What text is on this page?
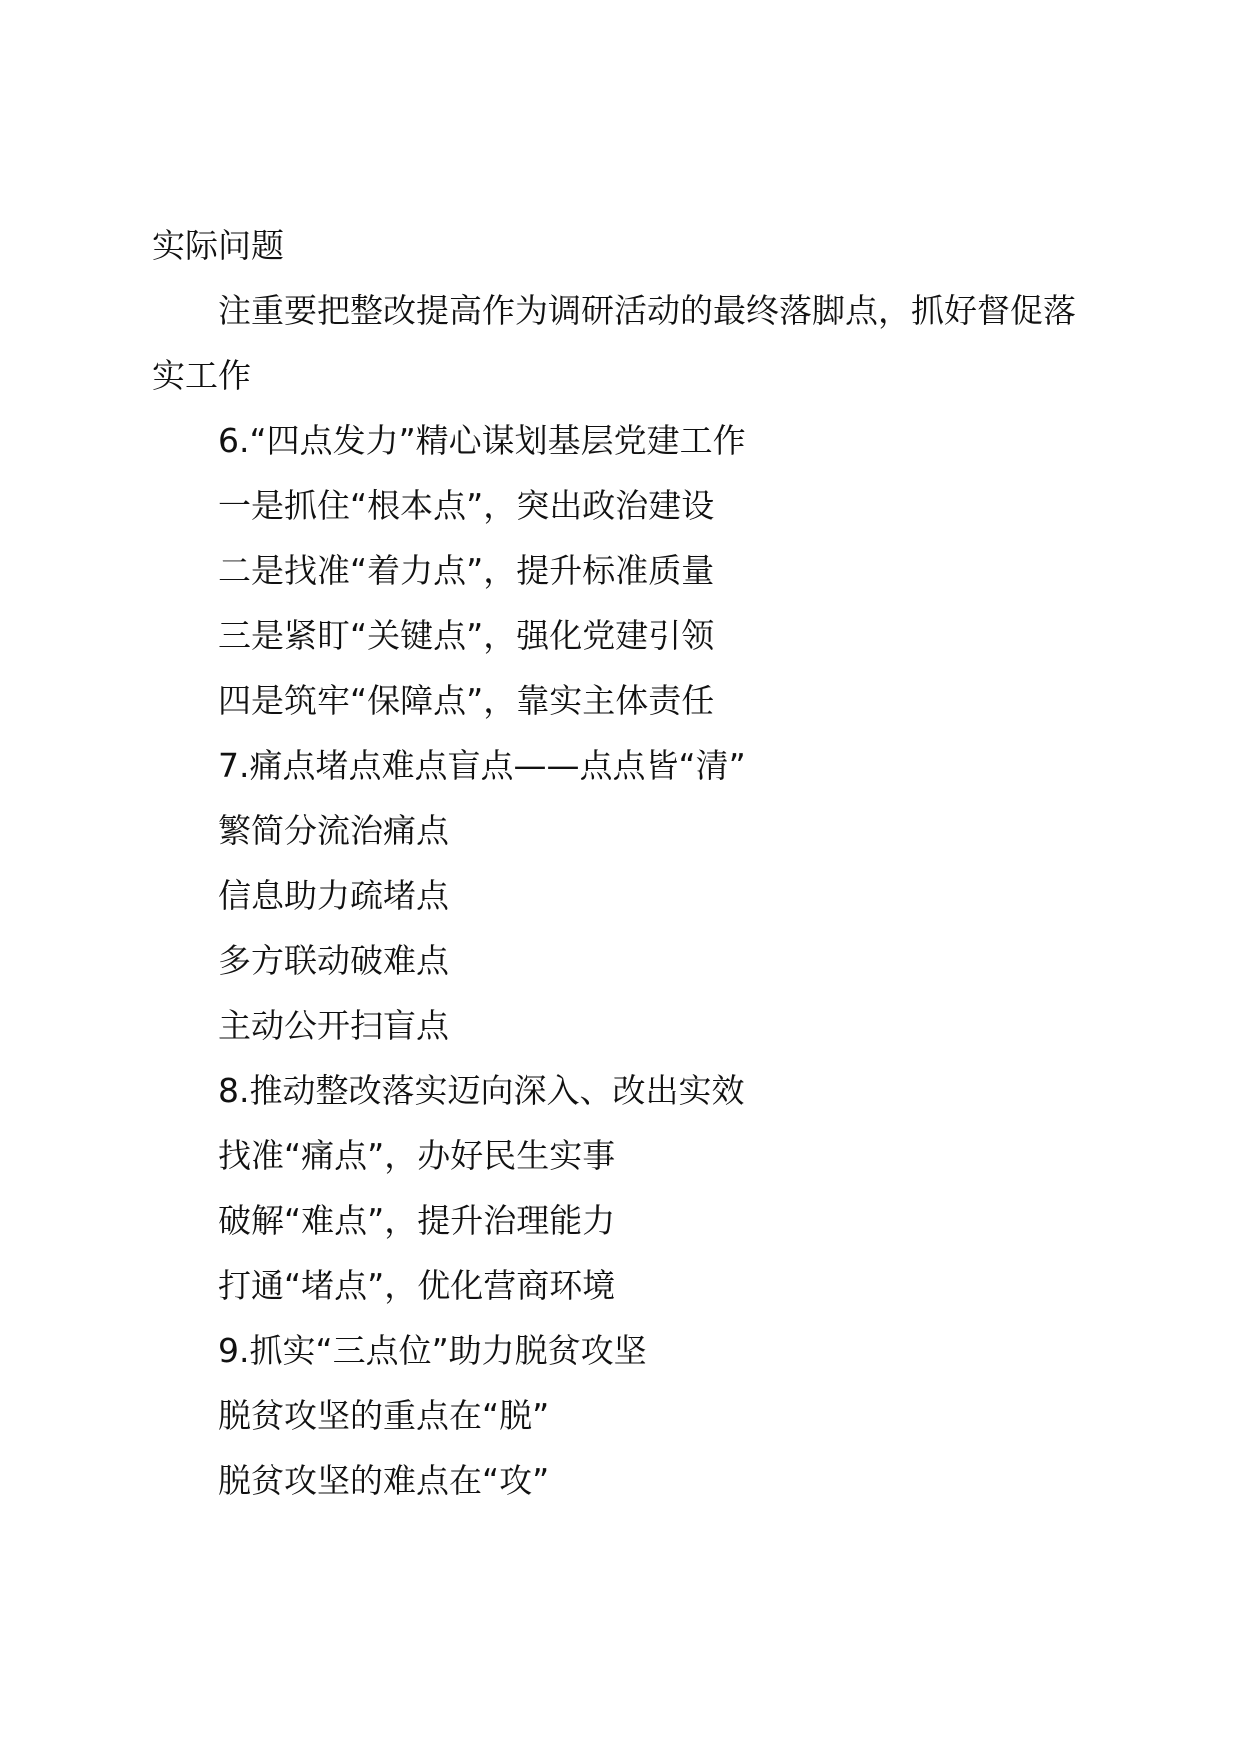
实际问题
注重要把整改提高作为调研活动的最终落脚点，抓好督促落实工作
6.“四点发力”精心谋划基层党建工作
一是抓住“根本点”，突出政治建设
二是找准“着力点”，提升标准质量
三是紧盯“关键点”，强化党建引领
四是筑牢“保障点”，靠实主体责任
7.痛点堵点难点盲点——点点皆“清”
繁简分流治痛点
信息助力疏堵点
多方联动破难点
主动公开扫盲点
8.推动整改落实迈向深入、改出实效
找准“痛点”，办好民生实事
破解“难点”，提升治理能力
打通“堵点”，优化营商环境
9.抓实“三点位”助力脱贫攻坚
脱贫攻坚的重点在“脱”
脱贫攻坚的难点在“攻”
